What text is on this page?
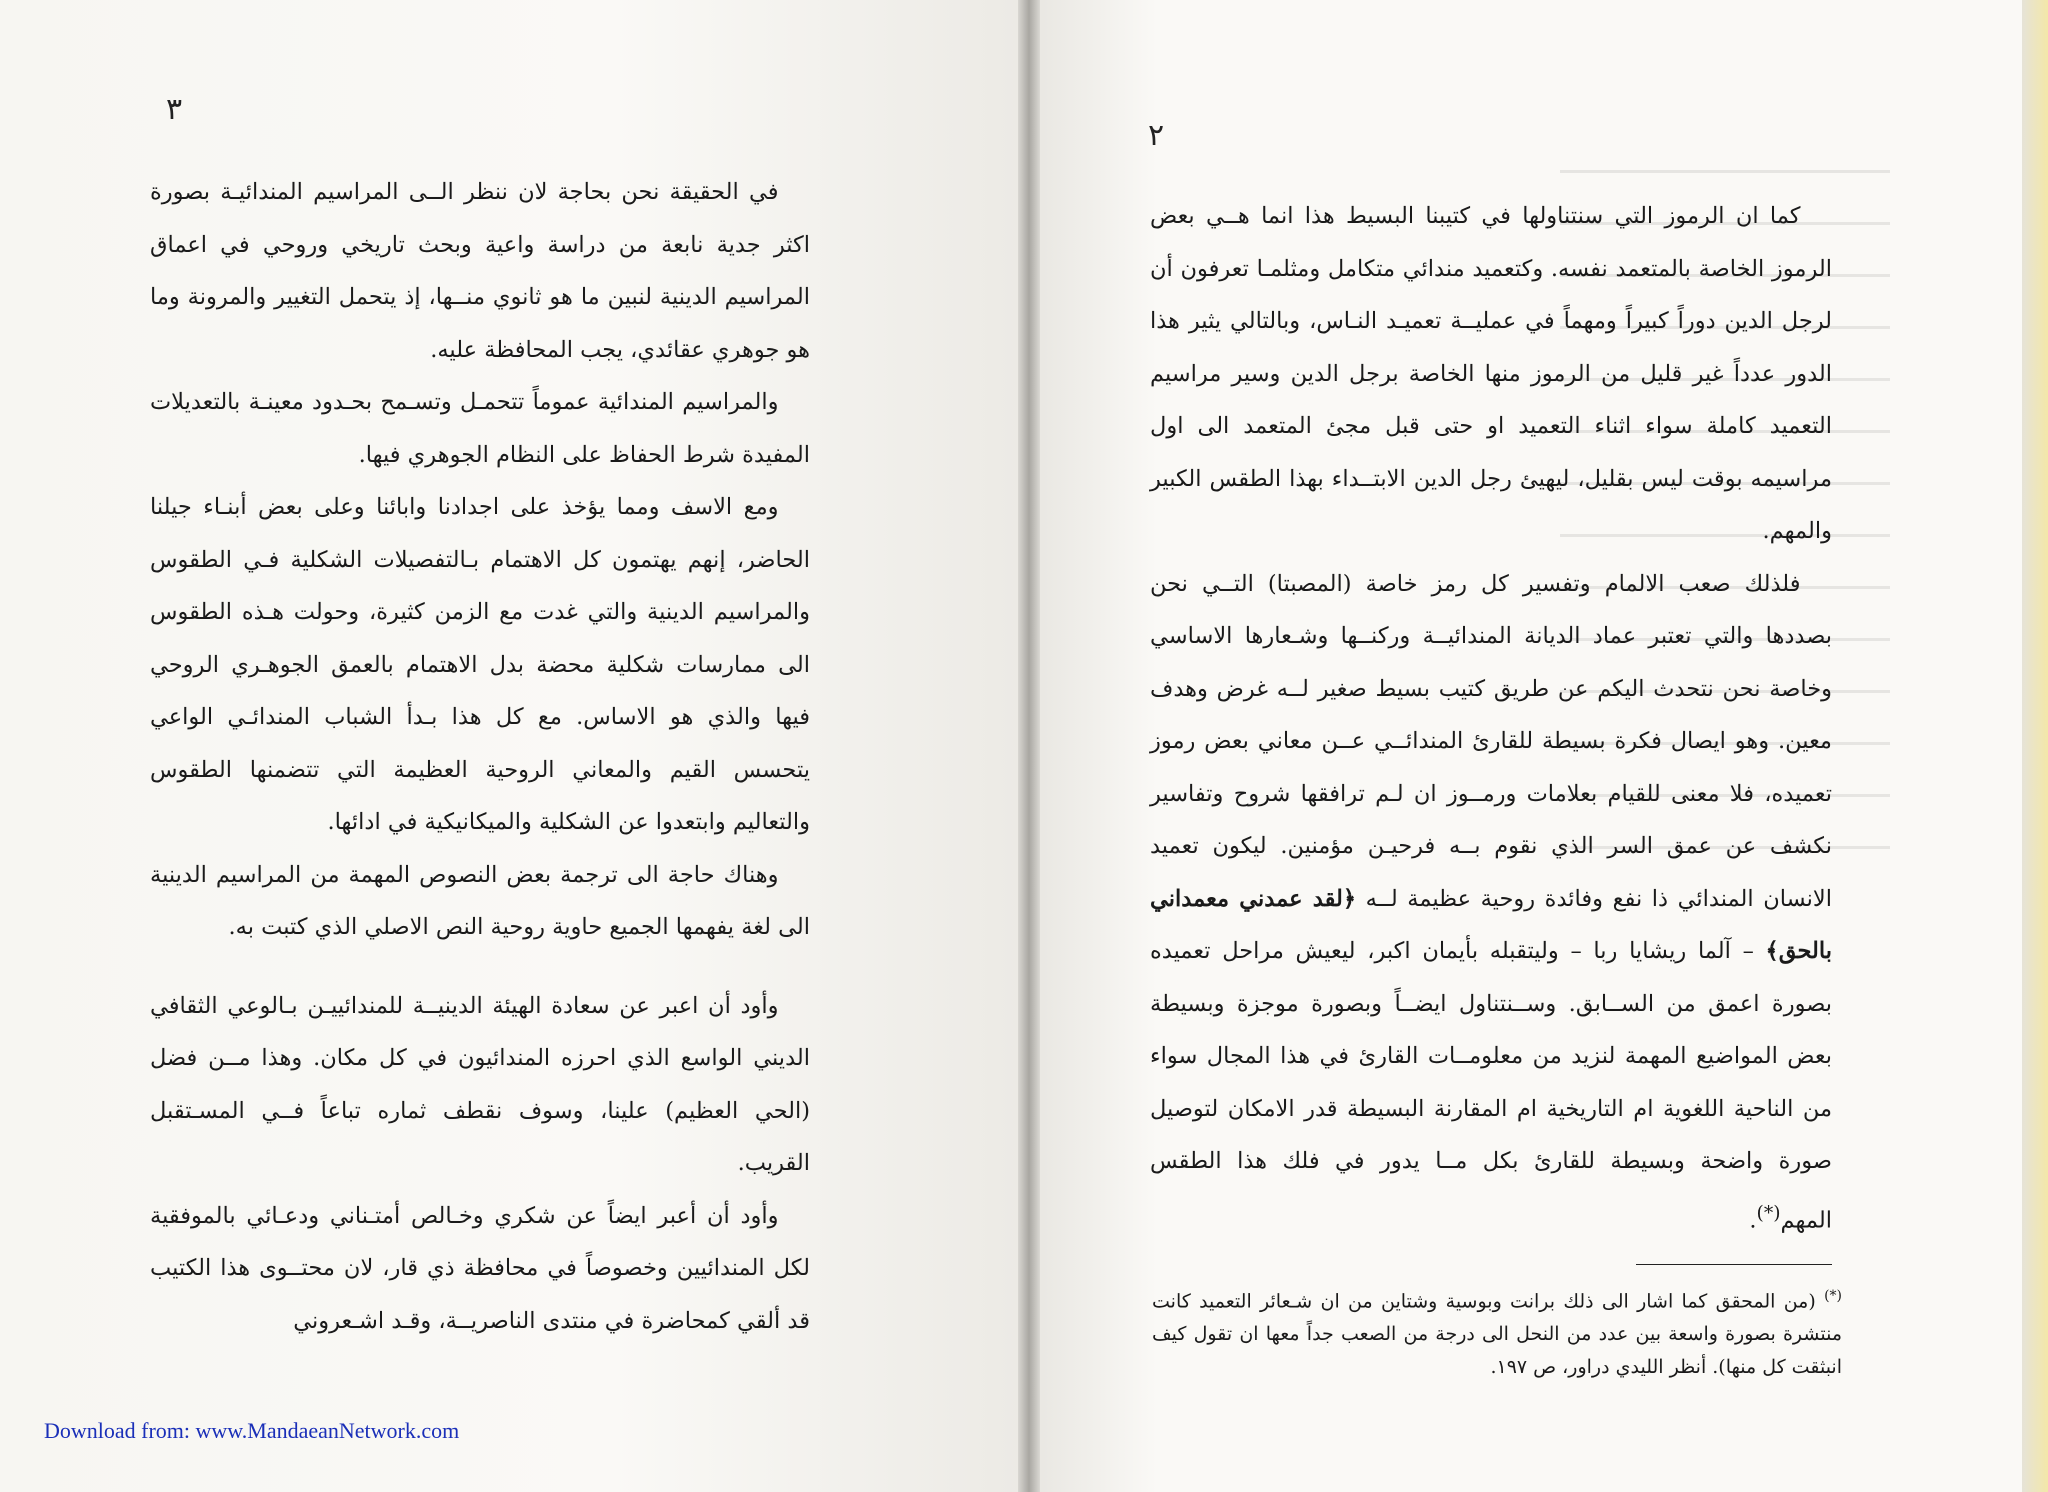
٣

في الحقيقة نحن بحاجة لان ننظر الــى المراسيم المندائيـة بصورة اكثر جدية نابعة من دراسة واعية وبحث تاريخي وروحي في اعماق المراسيم الدينية لنبين ما هو ثانوي منــها، إذ يتحمل التغيير والمرونة وما هو جوهري عقائدي، يجب المحافظة عليه.

والمراسيم المندائية عموماً تتحمـل وتسـمح بحـدود معينـة بالتعديلات المفيدة شرط الحفاظ على النظام الجوهري فيها.

ومع الاسف ومما يؤخذ على اجدادنا وابائنا وعلى بعض أبنـاء جيلنا الحاضر، إنهم يهتمون كل الاهتمام بـالتفصيلات الشكلية فـي الطقوس والمراسيم الدينية والتي غدت مع الزمن كثيرة، وحولت هـذه الطقوس الى ممارسات شكلية محضة بدل الاهتمام بالعمق الجوهـري الروحي فيها والذي هو الاساس. مع كل هذا بـدأ الشباب المندائـي الواعي يتحسس القيم والمعاني الروحية العظيمة التي تتضمنها الطقوس والتعاليم وابتعدوا عن الشكلية والميكانيكية في ادائها.

وهناك حاجة الى ترجمة بعض النصوص المهمة من المراسيم الدينية الى لغة يفهمها الجميع حاوية روحية النص الاصلي الذي كتبت به.

وأود أن اعبر عن سعادة الهيئة الدينيــة للمندائييـن بـالوعي الثقافي الديني الواسع الذي احرزه المندائيون في كل مكان. وهذا مــن فضل (الحي العظيم) علينا، وسوف نقطف ثماره تباعاً فــي المسـتقبل القريب.

وأود أن أعبر ايضاً عن شكري وخـالص أمتـناني ودعـائي بالموفقية لكل المندائيين وخصوصاً في محافظة ذي قار، لان محتــوى هذا الكتيب قد ألقي كمحاضرة في منتدى الناصريــة، وقـد اشـعروني

٢

كما ان الرموز التي سنتناولها في كتيبنا البسيط هذا انما هــي بعض الرموز الخاصة بالمتعمد نفسه. وكتعميد مندائي متكامل ومثلمـا تعرفون أن لرجل الدين دوراً كبيراً ومهماً في عمليــة تعميـد النـاس، وبالتالي يثير هذا الدور عدداً غير قليل من الرموز منها الخاصة برجل الدين وسير مراسيم التعميد كاملة سواء اثناء التعميد او حتى قبل مجئ المتعمد الى اول مراسيمه بوقت ليس بقليل، ليهيئ رجل الدين الابتــداء بهذا الطقس الكبير والمهم.

فلذلك صعب الالمام وتفسير كل رمز خاصة (المصبتا) التــي نحن بصددها والتي تعتبر عماد الديانة المندائيــة وركنــها وشـعارها الاساسي وخاصة نحن نتحدث اليكم عن طريق كتيب بسيط صغير لــه غرض وهدف معين. وهو ايصال فكرة بسيطة للقارئ المندائــي عــن معاني بعض رموز تعميده، فلا معنى للقيام بعلامات ورمــوز ان لـم ترافقها شروح وتفاسير نكشف عن عمق السر الذي نقوم بــه فرحيـن مؤمنين. ليكون تعميد الانسان المندائي ذا نفع وفائدة روحية عظيمة لــه ﴿لقد عمدني معمداني بالحق﴾ – آلما ريشايا ربا – وليتقبله بأيمان اكبر، ليعيش مراحل تعميده بصورة اعمق من الســابق. وســنتناول ايضــاً وبصورة موجزة وبسيطة بعض المواضيع المهمة لنزيد من معلومــات القارئ في هذا المجال سواء من الناحية اللغوية ام التاريخية ام المقارنة البسيطة قدر الامكان لتوصيل صورة واضحة وبسيطة للقارئ بكل مــا يدور في فلك هذا الطقس المهم(*).

(*) (من المحقق كما اشار الى ذلك برانت وبوسية وشتاين من ان شـعائر التعميد كانت منتشرة بصورة واسعة بين عدد من النحل الى درجة من الصعب جداً معها ان تقول كيف انبثقت كل منها). أنظر الليدي دراور، ص ١٩٧.
Download from: www.MandaeanNetwork.com
